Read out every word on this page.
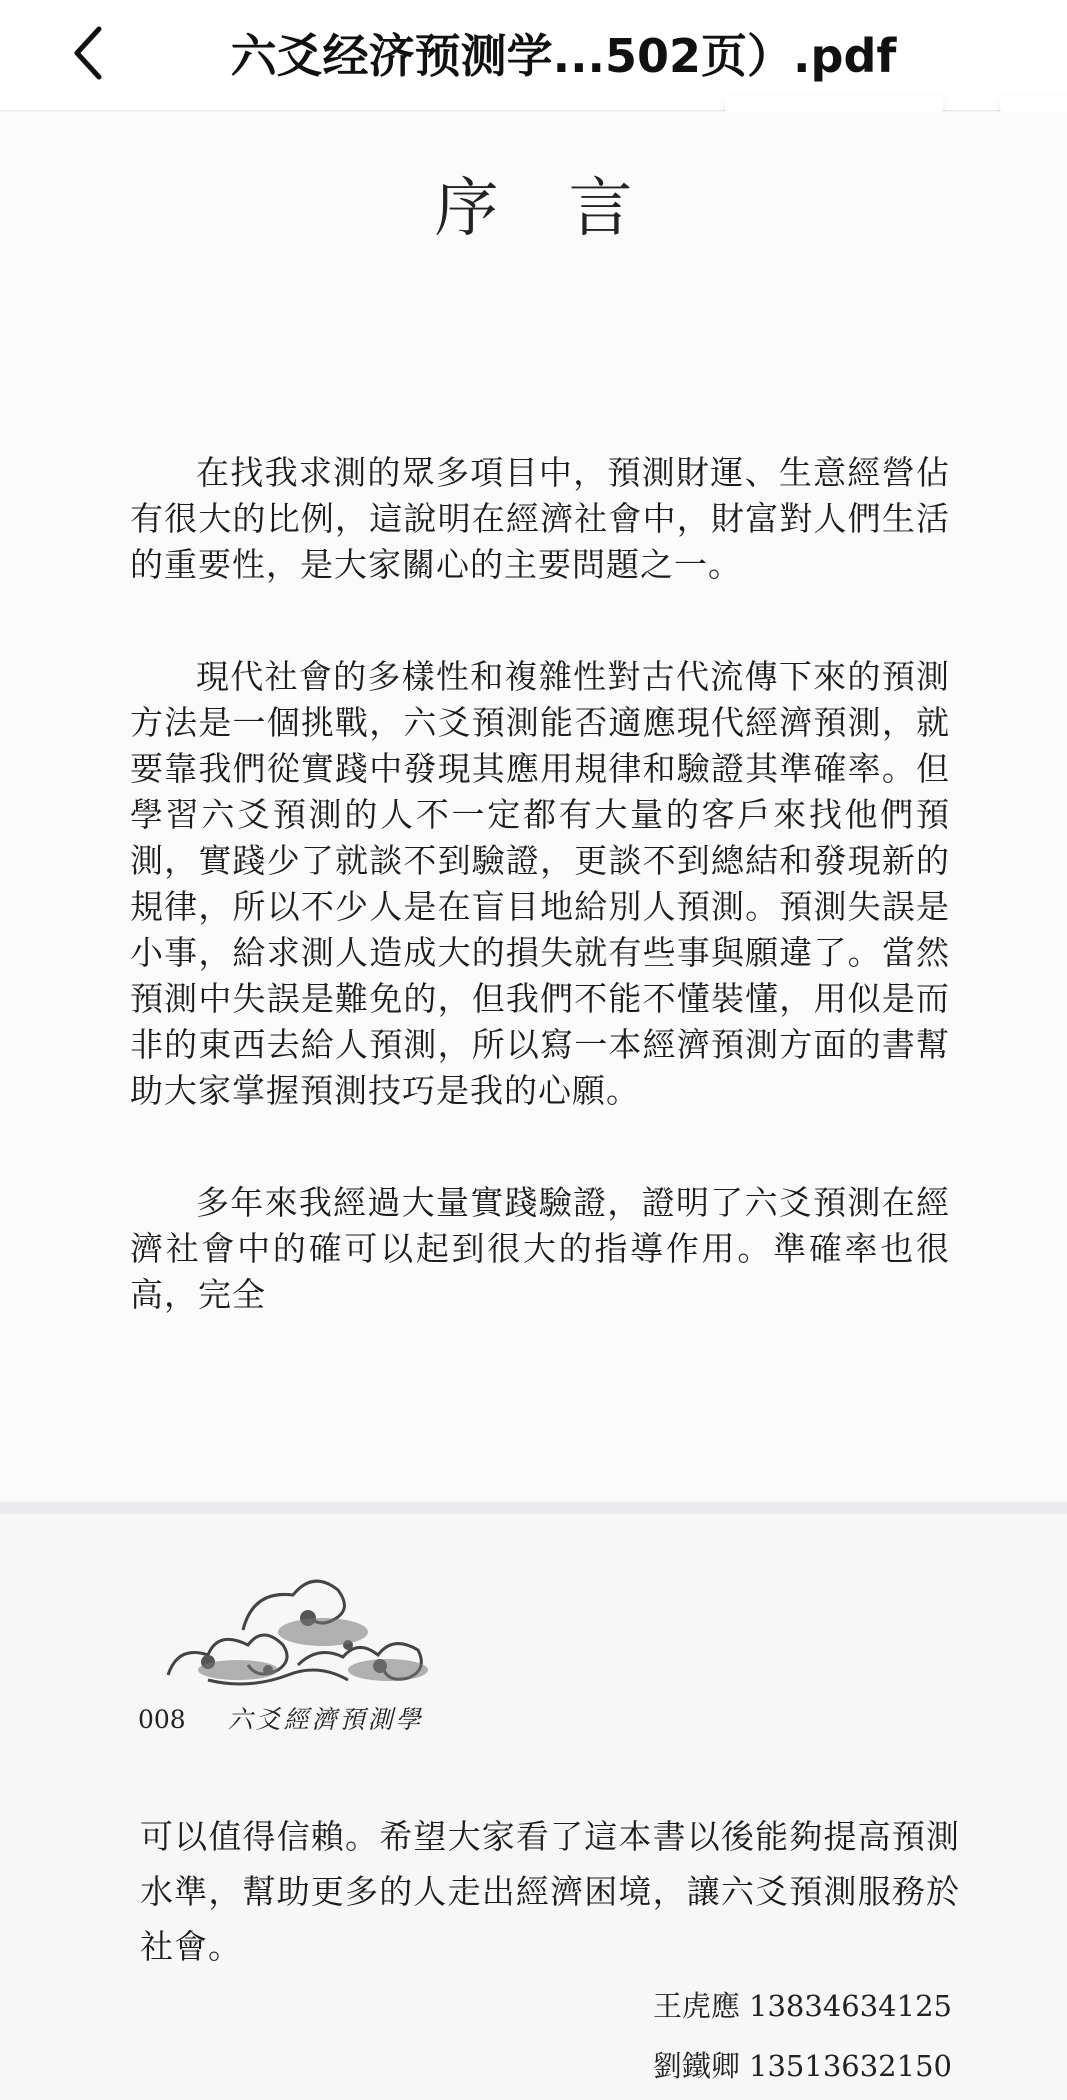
六爻经济预测学...502页）.pdf
序言

在找我求測的眾多項目中，預測財運、生意經營佔有很大的比例，這說明在經濟社會中，財富對人們生活的重要性，是大家關心的主要問題之一。

現代社會的多樣性和複雜性對古代流傳下來的預測方法是一個挑戰，六爻預測能否適應現代經濟預測，就要靠我們從實踐中發現其應用規律和驗證其準確率。但學習六爻預測的人不一定都有大量的客戶來找他們預測，實踐少了就談不到驗證，更談不到總結和發現新的規律，所以不少人是在盲目地給別人預測。預測失誤是小事，給求測人造成大的損失就有些事與願違了。當然預測中失誤是難免的，但我們不能不懂裝懂，用似是而非的東西去給人預測，所以寫一本經濟預測方面的書幫助大家掌握預測技巧是我的心願。

多年來我經過大量實踐驗證，證明了六爻預測在經濟社會中的確可以起到很大的指導作用。準確率也很高，完全

008 六爻經濟預測學

可以值得信賴。希望大家看了這本書以後能夠提高預測水準，幫助更多的人走出經濟困境，讓六爻預測服務於社會。

王虎應 13834634125
劉鐵卿 13513632150
